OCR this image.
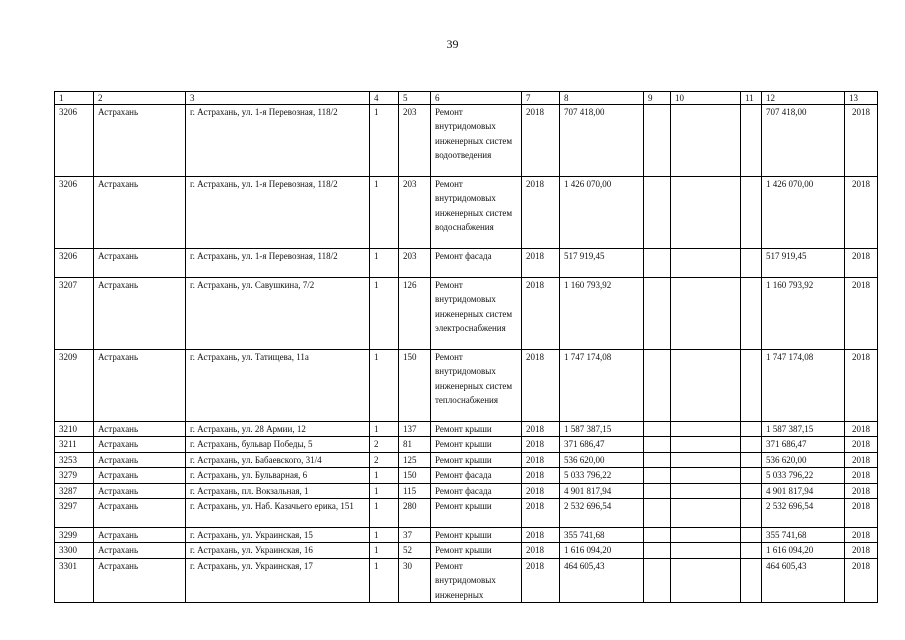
39
1	2	3	4	5	6	7	8	9	10	11	12	13
3206	Астрахань	г. Астрахань, ул. 1-я Перевозная, 118/2	1	203	Ремонт внутридомовых инженерных систем водоотведения	2018	707 418,00				707 418,00	2018
3206	Астрахань	г. Астрахань, ул. 1-я Перевозная, 118/2	1	203	Ремонт внутридомовых инженерных систем водоснабжения	2018	1 426 070,00				1 426 070,00	2018
3206	Астрахань	г. Астрахань, ул. 1-я Перевозная, 118/2	1	203	Ремонт фасада	2018	517 919,45				517 919,45	2018
3207	Астрахань	г. Астрахань, ул. Савушкина, 7/2	1	126	Ремонт внутридомовых инженерных систем электроснабжения	2018	1 160 793,92				1 160 793,92	2018
3209	Астрахань	г. Астрахань, ул. Татищева, 11а	1	150	Ремонт внутридомовых инженерных систем теплоснабжения	2018	1 747 174,08				1 747 174,08	2018
3210	Астрахань	г. Астрахань, ул. 28 Армии, 12	1	137	Ремонт крыши	2018	1 587 387,15				1 587 387,15	2018
3211	Астрахань	г. Астрахань, бульвар Победы, 5	2	81	Ремонт крыши	2018	371 686,47				371 686,47	2018
3253	Астрахань	г. Астрахань, ул. Бабаевского, 31/4	2	125	Ремонт крыши	2018	536 620,00				536 620,00	2018
3279	Астрахань	г. Астрахань, ул. Бульварная, 6	1	150	Ремонт фасада	2018	5 033 796,22				5 033 796,22	2018
3287	Астрахань	г. Астрахань, пл. Вокзальная, 1	1	115	Ремонт фасада	2018	4 901 817,94				4 901 817,94	2018
3297	Астрахань	г. Астрахань, ул. Наб. Казачьего ерика, 151	1	280	Ремонт крыши	2018	2 532 696,54				2 532 696,54	2018
3299	Астрахань	г. Астрахань, ул. Украинская, 15	1	37	Ремонт крыши	2018	355 741,68				355 741,68	2018
3300	Астрахань	г. Астрахань, ул. Украинская, 16	1	52	Ремонт крыши	2018	1 616 094,20				1 616 094,20	2018
3301	Астрахань	г. Астрахань, ул. Украинская, 17	1	30	Ремонт внутридомовых инженерных	2018	464 605,43				464 605,43	2018
